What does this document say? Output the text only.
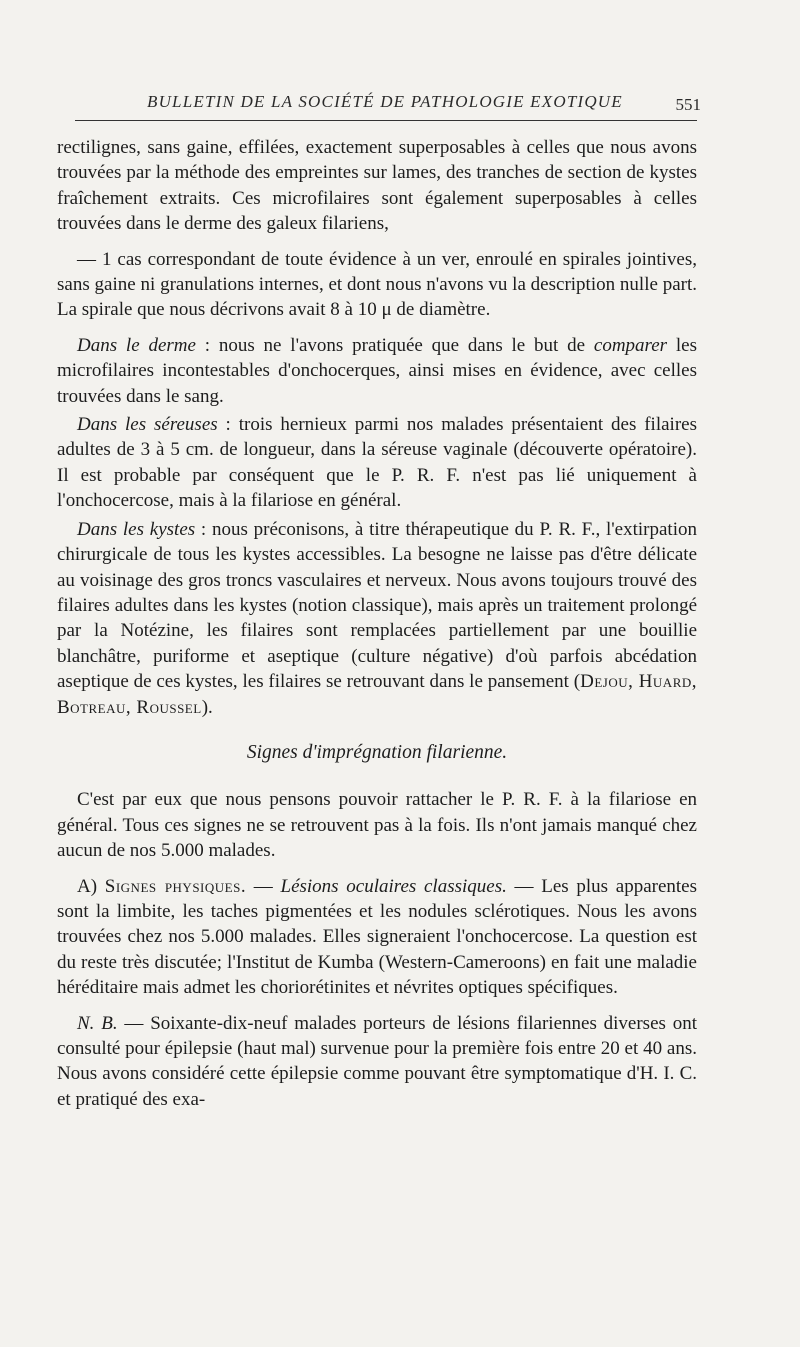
BULLETIN DE LA SOCIÉTÉ DE PATHOLOGIE EXOTIQUE	551

rectilignes, sans gaine, effilées, exactement superposables à celles que nous avons trouvées par la méthode des empreintes sur lames, des tranches de section de kystes fraîchement extraits. Ces microfilaires sont également superposables à celles trouvées dans le derme des galeux filariens,

— 1 cas correspondant de toute évidence à un ver, enroulé en spirales jointives, sans gaine ni granulations internes, et dont nous n'avons vu la description nulle part. La spirale que nous décrivons avait 8 à 10 μ de diamètre.

Dans le derme : nous ne l'avons pratiquée que dans le but de comparer les microfilaires incontestables d'onchocerques, ainsi mises en évidence, avec celles trouvées dans le sang.

Dans les séreuses : trois hernieux parmi nos malades présentaient des filaires adultes de 3 à 5 cm. de longueur, dans la séreuse vaginale (découverte opératoire). Il est probable par conséquent que le P. R. F. n'est pas lié uniquement à l'onchocercose, mais à la filariose en général.

Dans les kystes : nous préconisons, à titre thérapeutique du P. R. F., l'extirpation chirurgicale de tous les kystes accessibles. La besogne ne laisse pas d'être délicate au voisinage des gros troncs vasculaires et nerveux. Nous avons toujours trouvé des filaires adultes dans les kystes (notion classique), mais après un traitement prolongé par la Notézine, les filaires sont remplacées partiellement par une bouillie blanchâtre, puriforme et aseptique (culture négative) d'où parfois abcédation aseptique de ces kystes, les filaires se retrouvant dans le pansement (Dejou, Huard, Botreau, Roussel).

Signes d'imprégnation filarienne.

C'est par eux que nous pensons pouvoir rattacher le P. R. F. à la filariose en général. Tous ces signes ne se retrouvent pas à la fois. Ils n'ont jamais manqué chez aucun de nos 5.000 malades.

A) Signes physiques. — Lésions oculaires classiques. — Les plus apparentes sont la limbite, les taches pigmentées et les nodules sclérotiques. Nous les avons trouvées chez nos 5.000 malades. Elles signeraient l'onchocercose. La question est du reste très discutée; l'Institut de Kumba (Western-Cameroons) en fait une maladie héréditaire mais admet les choriorétinites et névrites optiques spécifiques.

N. B. — Soixante-dix-neuf malades porteurs de lésions filariennes diverses ont consulté pour épilepsie (haut mal) survenue pour la première fois entre 20 et 40 ans. Nous avons considéré cette épilepsie comme pouvant être symptomatique d'H. I. C. et pratiqué des exa-
